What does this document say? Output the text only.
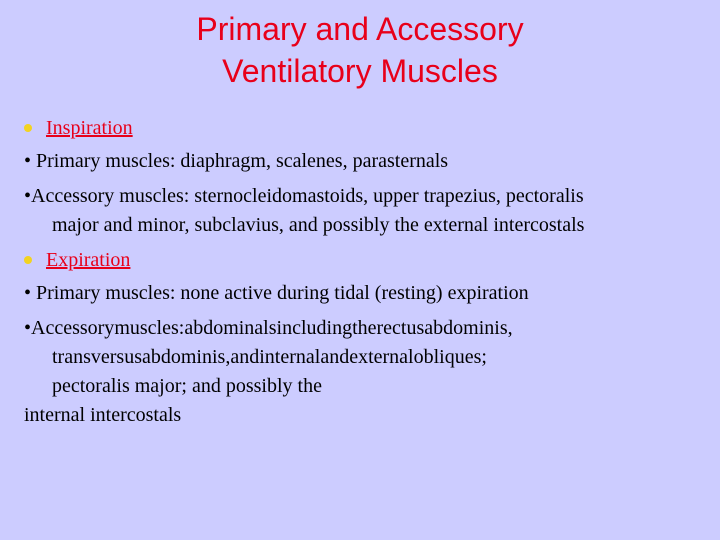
Primary and Accessory
Ventilatory Muscles
Inspiration
• Primary muscles: diaphragm, scalenes, parasternals
•Accessory muscles: sternocleidomastoids, upper trapezius, pectoralis
major and minor, subclavius, and possibly the external intercostals
Expiration
• Primary muscles: none active during tidal (resting) expiration
•Accessorymuscles:abdominalsincludingtherectusabdominis,
transversusabdominis,andinternalandexternalobliques;
pectoralis major; and possibly the
internal intercostals
